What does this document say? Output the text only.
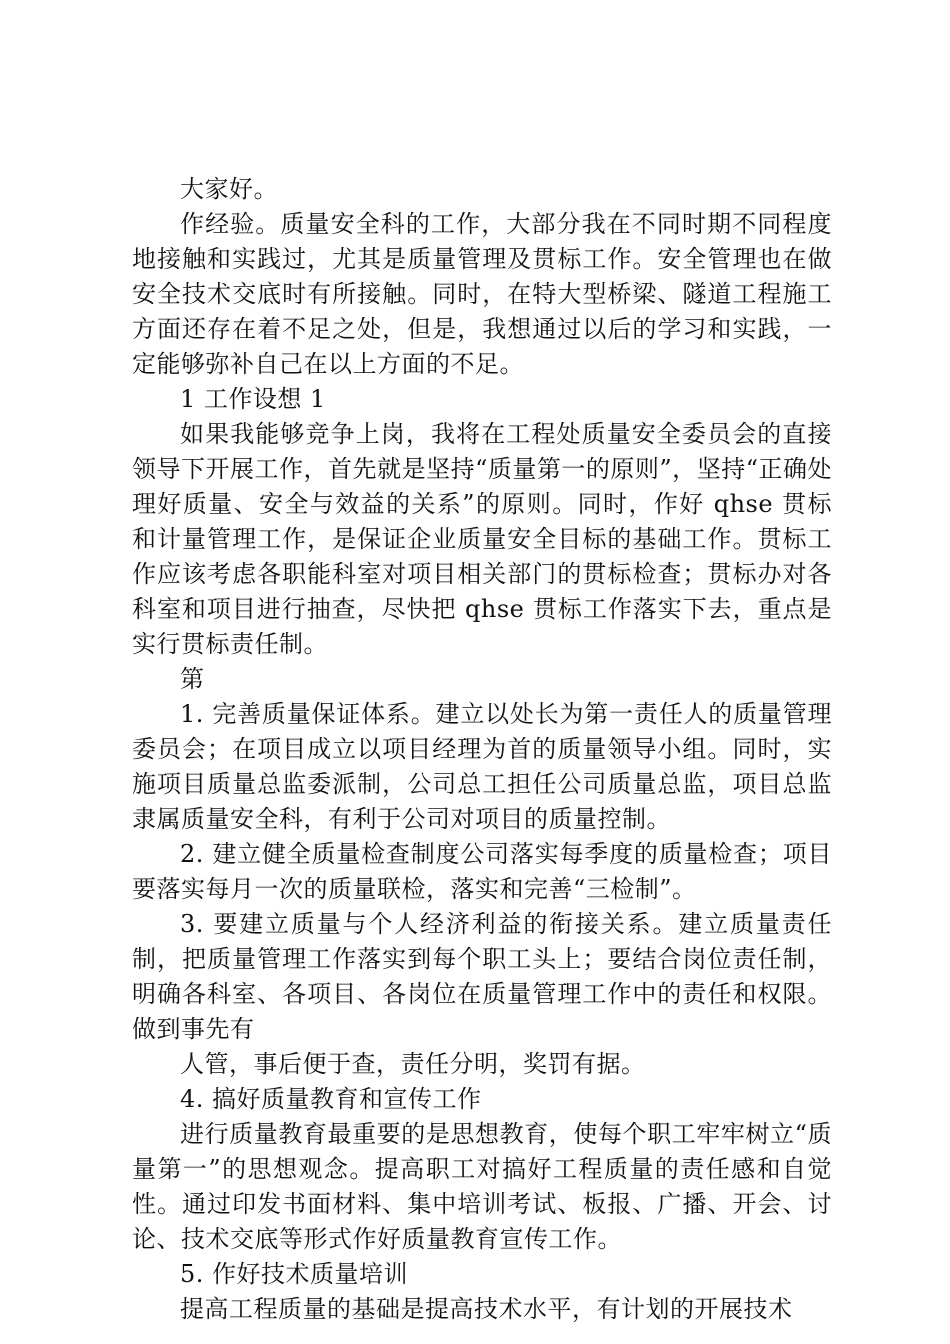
大家好。

作经验。质量安全科的工作，大部分我在不同时期不同程度地接触和实践过，尤其是质量管理及贯标工作。安全管理也在做安全技术交底时有所接触。同时，在特大型桥梁、隧道工程施工方面还存在着不足之处，但是，我想通过以后的学习和实践，一定能够弥补自己在以上方面的不足。

1 工作设想 1

如果我能够竞争上岗，我将在工程处质量安全委员会的直接领导下开展工作，首先就是坚持“质量第一的原则”，坚持“正确处理好质量、安全与效益的关系”的原则。同时，作好 qhse 贯标和计量管理工作，是保证企业质量安全目标的基础工作。贯标工作应该考虑各职能科室对项目相关部门的贯标检查；贯标办对各科室和项目进行抽查，尽快把 qhse 贯标工作落实下去，重点是实行贯标责任制。

第

1. 完善质量保证体系。建立以处长为第一责任人的质量管理委员会；在项目成立以项目经理为首的质量领导小组。同时，实施项目质量总监委派制，公司总工担任公司质量总监，项目总监隶属质量安全科，有利于公司对项目的质量控制。

2. 建立健全质量检查制度公司落实每季度的质量检查；项目要落实每月一次的质量联检，落实和完善“三检制”。

3. 要建立质量与个人经济利益的衔接关系。建立质量责任制，把质量管理工作落实到每个职工头上；要结合岗位责任制，明确各科室、各项目、各岗位在质量管理工作中的责任和权限。做到事先有

人管，事后便于查，责任分明，奖罚有据。

4. 搞好质量教育和宣传工作

进行质量教育最重要的是思想教育，使每个职工牢牢树立“质量第一”的思想观念。提高职工对搞好工程质量的责任感和自觉性。通过印发书面材料、集中培训考试、板报、广播、开会、讨论、技术交底等形式作好质量教育宣传工作。

5. 作好技术质量培训

提高工程质量的基础是提高技术水平，有计划的开展技术
